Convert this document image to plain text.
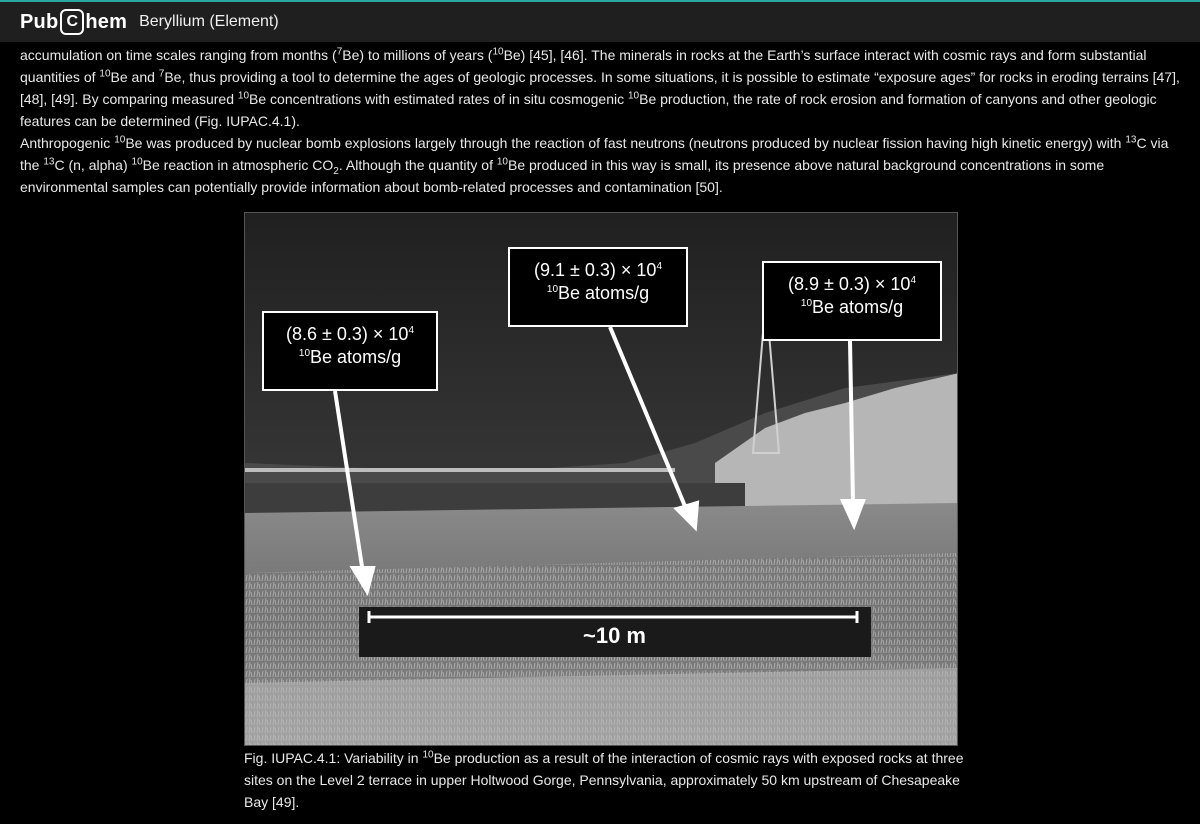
Pub C hem Beryllium (Element)

accumulation on time scales ranging from months ($^7$Be) to millions of years ($^{10}$Be) [45], [46]. The minerals in rocks at the Earth’s surface interact with cosmic rays and form substantial quantities of $^{10}$Be and $^7$Be, thus providing a tool to determine the ages of geologic processes. In some situations, it is possible to estimate “exposure ages” for rocks in eroding terrains [47], [48], [49]. By comparing measured $^{10}$Be concentrations with estimated rates of in situ cosmogenic $^{10}$Be production, the rate of rock erosion and formation of canyons and other geologic features can be determined (Fig. IUPAC.4.1).

Anthropogenic $^{10}$Be was produced by nuclear bomb explosions largely through the reaction of fast neutrons (neutrons produced by nuclear fission having high kinetic energy) with $^{13}$C via the $^{13}$C (n, alpha) $^{10}$Be reaction in atmospheric $CO_2$. Although the quantity of $^{10}$Be produced in this way is small, its presence above natural background concentrations in some environmental samples can potentially provide information about bomb-related processes and contamination [50].

$(8.6 \pm 0.3) \times 10^4$
$^{10}$Be atoms/g
$(9.1 \pm 0.3) \times 10^4$
$^{10}$Be atoms/g	$(8.9 \pm 0.3) \times 10^4$
$^{10}$Be atoms/g
~10 m
Fig. IUPAC.4.1: Variability in $^{10}$Be production as a result of the interaction of cosmic rays with exposed rocks at three sites on the Level 2 terrace in upper Holtwood Gorge, Pennsylvania, approximately 50 km upstream of Chesapeake Bay [49].
